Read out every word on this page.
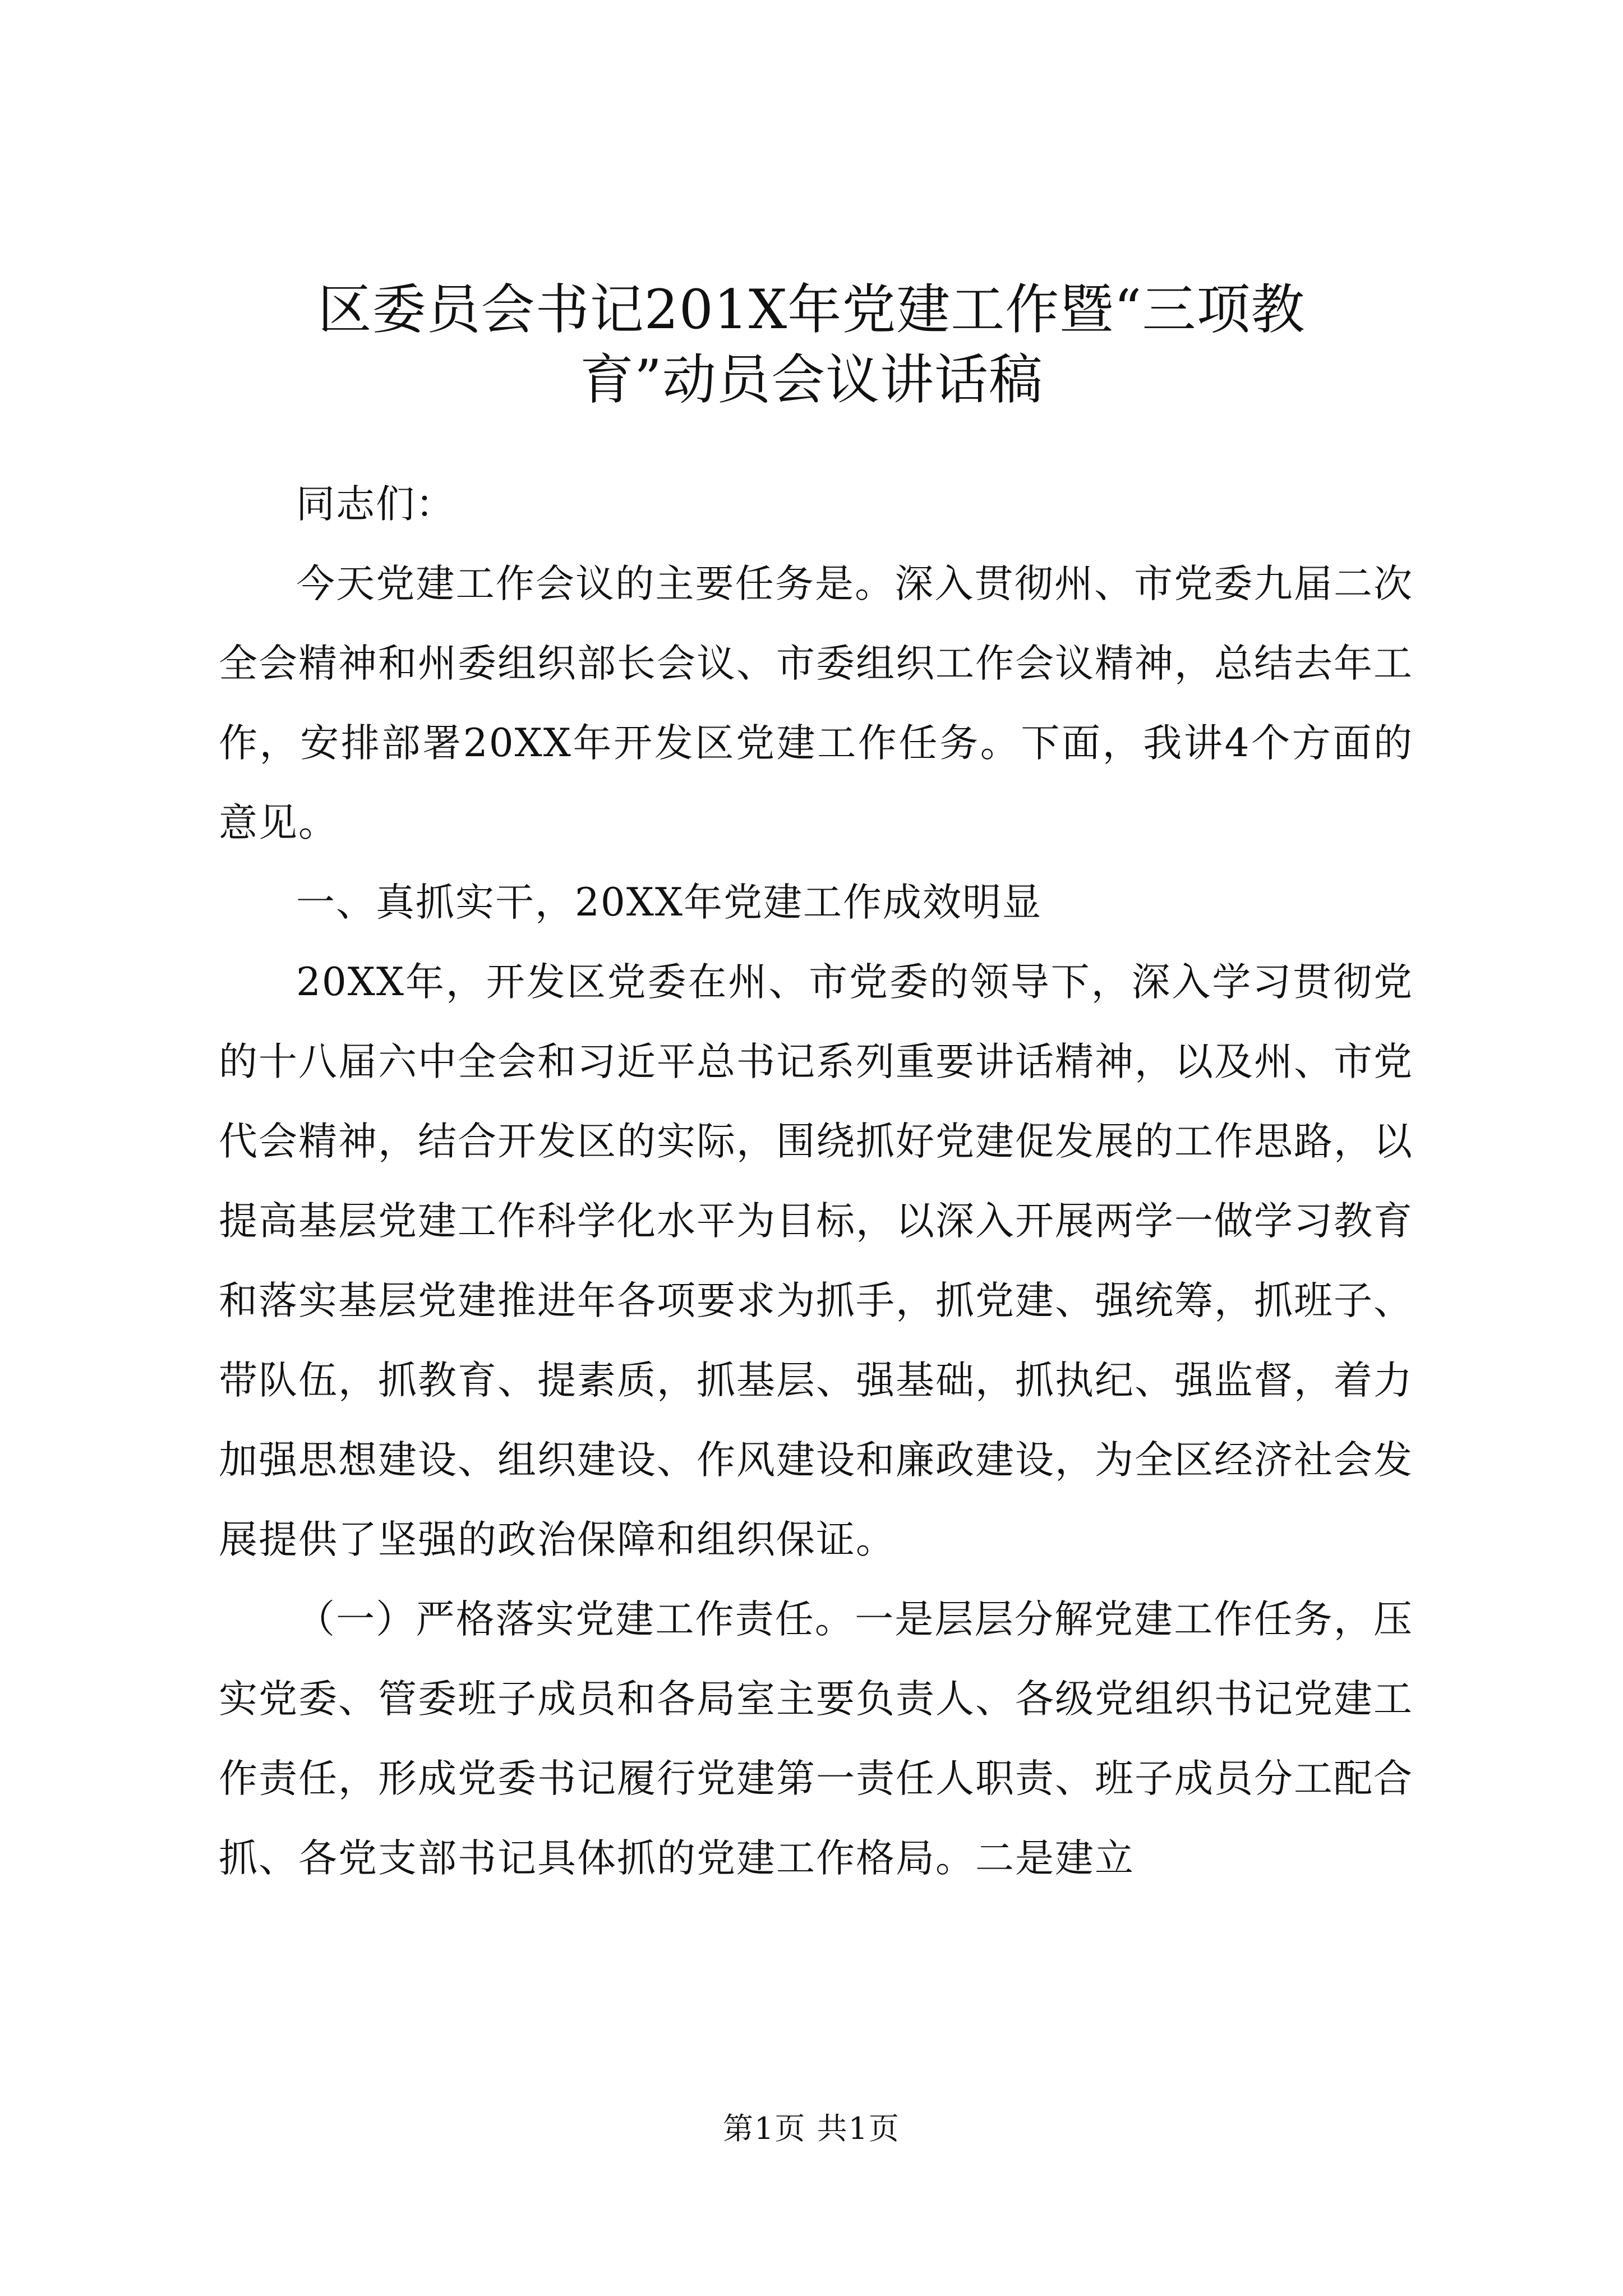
区委员会书记201X年党建工作暨“三项教
育”动员会议讲话稿

同志们：

今天党建工作会议的主要任务是。深入贯彻州、市党委九届二次全会精神和州委组织部长会议、市委组织工作会议精神，总结去年工作，安排部署20XX年开发区党建工作任务。下面，我讲4个方面的意见。

一、真抓实干，20XX年党建工作成效明显

20XX年，开发区党委在州、市党委的领导下，深入学习贯彻党的十八届六中全会和习近平总书记系列重要讲话精神，以及州、市党代会精神，结合开发区的实际，围绕抓好党建促发展的工作思路，以提高基层党建工作科学化水平为目标，以深入开展两学一做学习教育和落实基层党建推进年各项要求为抓手，抓党建、强统筹，抓班子、带队伍，抓教育、提素质，抓基层、强基础，抓执纪、强监督，着力加强思想建设、组织建设、作风建设和廉政建设，为全区经济社会发展提供了坚强的政治保障和组织保证。

（一）严格落实党建工作责任。一是层层分解党建工作任务，压实党委、管委班子成员和各局室主要负责人、各级党组织书记党建工作责任，形成党委书记履行党建第一责任人职责、班子成员分工配合抓、各党支部书记具体抓的党建工作格局。二是建立

第1页 共1页
